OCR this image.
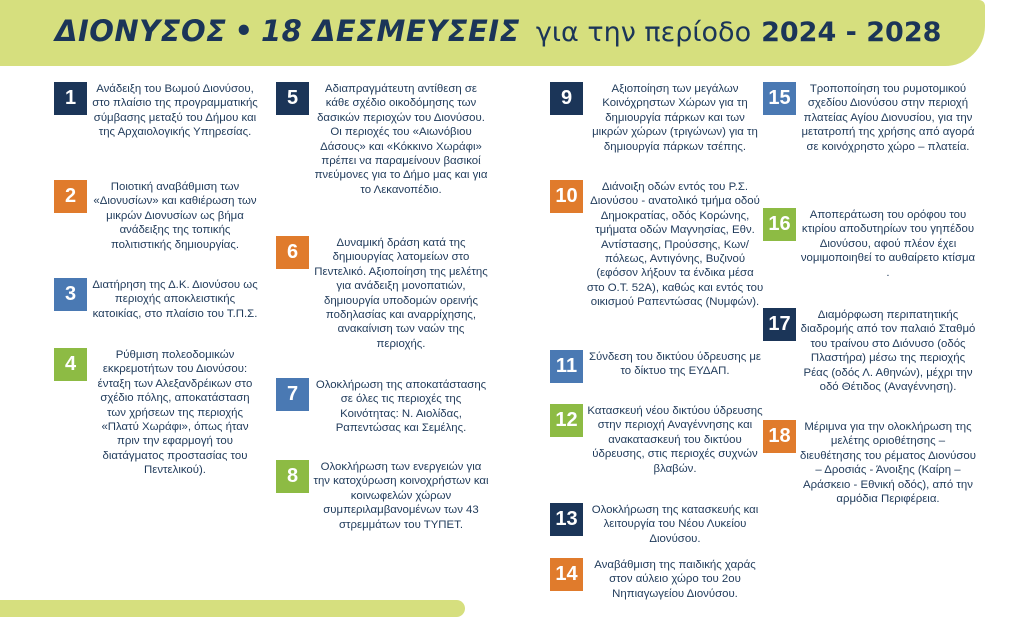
ΔΙΟΝΥΣΟΣ • 18 ΔΕΣΜΕΥΣΕΙΣ για την περίοδο 2024 - 2028
1	Ανάδειξη του Βωμού Διονύσου, στο πλαίσιο της προγραμματικής σύμβασης μεταξύ του Δήμου και της Αρχαιολογικής Υπηρεσίας.
2	Ποιοτική αναβάθμιση των «Διονυσίων» και καθιέρωση των μικρών Διονυσίων ως βήμα ανάδειξης της τοπικής πολιτιστικής δημιουργίας.
3	Διατήρηση της Δ.Κ. Διονύσου ως περιοχής αποκλειστικής κατοικίας, στο πλαίσιο του Τ.Π.Σ.
4	Ρύθμιση πολεοδομικών εκκρεμοτήτων του Διονύσου: ένταξη των Αλεξανδρέικων στο σχέδιο πόλης, αποκατάσταση των χρήσεων της περιοχής «Πλατύ Χωράφι», όπως ήταν πριν την εφαρμογή του διατάγματος προστασίας του Πεντελικού).
5	Αδιαπραγμάτευτη αντίθεση σε κάθε σχέδιο οικοδόμησης των δασικών περιοχών του Διονύσου. Οι περιοχές του «Αιωνόβιου Δάσους» και «Κόκκινο Χωράφι» πρέπει να παραμείνουν βασικοί πνεύμονες για το Δήμο μας και για το Λεκανοπέδιο.
6	Δυναμική δράση κατά της δημιουργίας λατομείων στο Πεντελικό. Αξιοποίηση της μελέτης για ανάδειξη μονοπατιών, δημιουργία υποδομών ορεινής ποδηλασίας και αναρρίχησης, ανακαίνιση των ναών της περιοχής.
7	Ολοκλήρωση της αποκατάστασης σε όλες τις περιοχές της Κοινότητας: Ν. Αιολίδας, Ραπεντώσας και Σεμέλης.
8	Ολοκλήρωση των ενεργειών για την κατοχύρωση κοινοχρήστων και κοινωφελών χώρων συμπεριλαμβανομένων των 43 στρεμμάτων του ΤΥΠΕΤ.
9	Αξιοποίηση των μεγάλων Κοινόχρηστων Χώρων για τη δημιουργία πάρκων και των μικρών χώρων (τριγώνων) για τη δημιουργία πάρκων τσέπης.
10	Διάνοιξη οδών εντός του Ρ.Σ. Διονύσου - ανατολικό τμήμα οδού Δημοκρατίας, οδός Κορώνης, τμήματα οδών Μαγνησίας, Εθν. Αντίστασης, Προύσσης, Κων/πόλεως, Αντιγόνης, Βυζινού (εφόσον λήξουν τα ένδικα μέσα στο Ο.Τ. 52Α), καθώς και εντός του οικισμού Ραπεντώσας (Νυμφών).
11	Σύνδεση του δικτύου ύδρευσης με το δίκτυο της ΕΥΔΑΠ.
12 Κατασκευή νέου δικτύου ύδρευσης στην περιοχή Αναγέννησης και ανακατασκευή του δικτύου ύδρευσης, στις περιοχές συχνών βλαβών.
13	Ολοκλήρωση της κατασκευής και λειτουργία του Νέου Λυκείου Διονύσου.
14	Αναβάθμιση της παιδικής χαράς στον αύλειο χώρο του 2ου Νηπιαγωγείου Διονύσου.
15	Τροποποίηση του ρυμοτομικού σχεδίου Διονύσου στην περιοχή πλατείας Αγίου Διονυσίου, για την μετατροπή της χρήσης από αγορά σε κοινόχρηστο χώρο – πλατεία.
16	Αποπεράτωση του ορόφου του κτιρίου αποδυτηρίων του γηπέδου Διονύσου, αφού πλέον έχει νομιμοποιηθεί το αυθαίρετο κτίσμα .
17	Διαμόρφωση περιπατητικής διαδρομής από τον παλαιό Σταθμό του τραίνου στο Διόνυσο (οδός Πλαστήρα) μέσω της περιοχής Ρέας (οδός Λ. Αθηνών), μέχρι την οδό Θέτιδος (Αναγέννηση).
18	Μέριμνα για την ολοκλήρωση της μελέτης οριοθέτησης – διευθέτησης του ρέματος Διονύσου – Δροσιάς - Άνοιξης (Καίρη – Αράσκειο - Εθνική οδός), από την αρμόδια Περιφέρεια.
